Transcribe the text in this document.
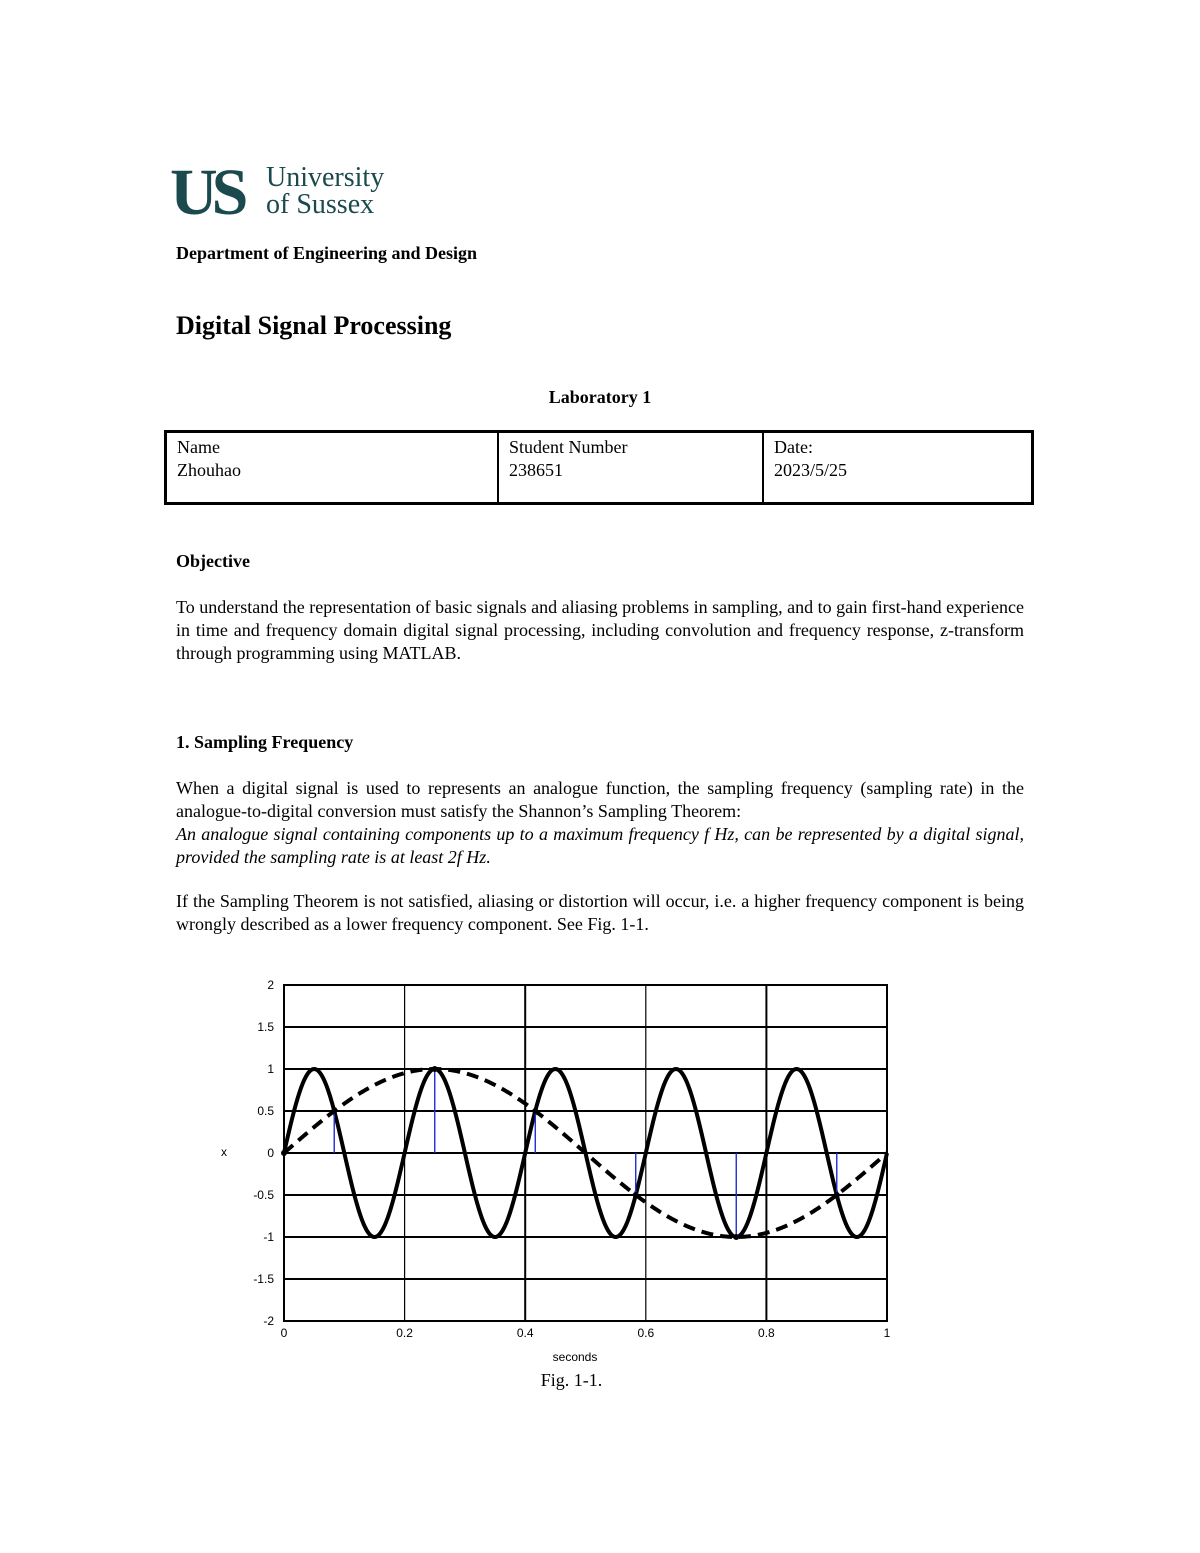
US University
of Sussex
Department of Engineering and Design
Digital Signal Processing
Laboratory 1
Name
Zhouhao

Student Number
238651

Date:
2023/5/25
Objective

To understand the representation of basic signals and aliasing problems in sampling, and to gain first-hand experience in time and frequency domain digital signal processing, including convolution and frequency response, z-transform through programming using MATLAB.

1. Sampling Frequency

When a digital signal is used to represents an analogue function, the sampling frequency (sampling rate) in the analogue-to-digital conversion must satisfy the Shannon’s Sampling Theorem:

An analogue signal containing components up to a maximum frequency f Hz, can be represented by a digital signal, provided the sampling rate is at least 2f Hz.

If the Sampling Theorem is not satisfied, aliasing or distortion will occur, i.e. a higher frequency component is being wrongly described as a lower frequency component. See Fig. 1-1.

0	0.2	0.4	0.6	0.8	1
2
1.5
1
0.5
0
-0.5
-1
-1.5
-2
seconds
x
Fig. 1-1.
